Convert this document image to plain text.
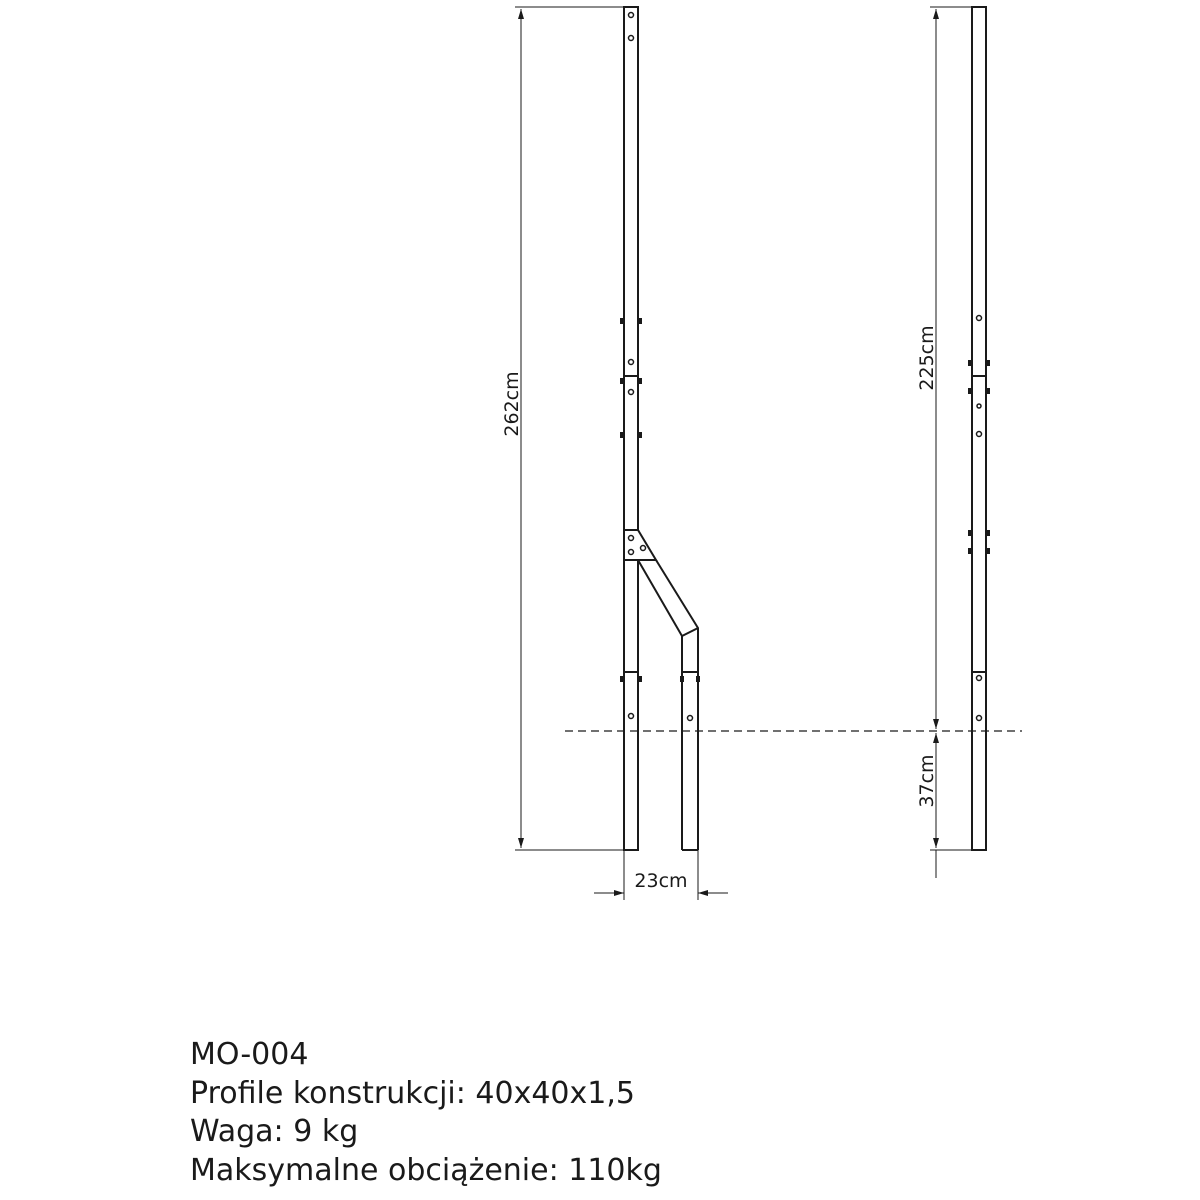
262cm
225cm
37cm
23cm
MO-004
Profile konstrukcji: 40x40x1,5
Waga: 9 kg
Maksymalne obciążenie: 110kg
